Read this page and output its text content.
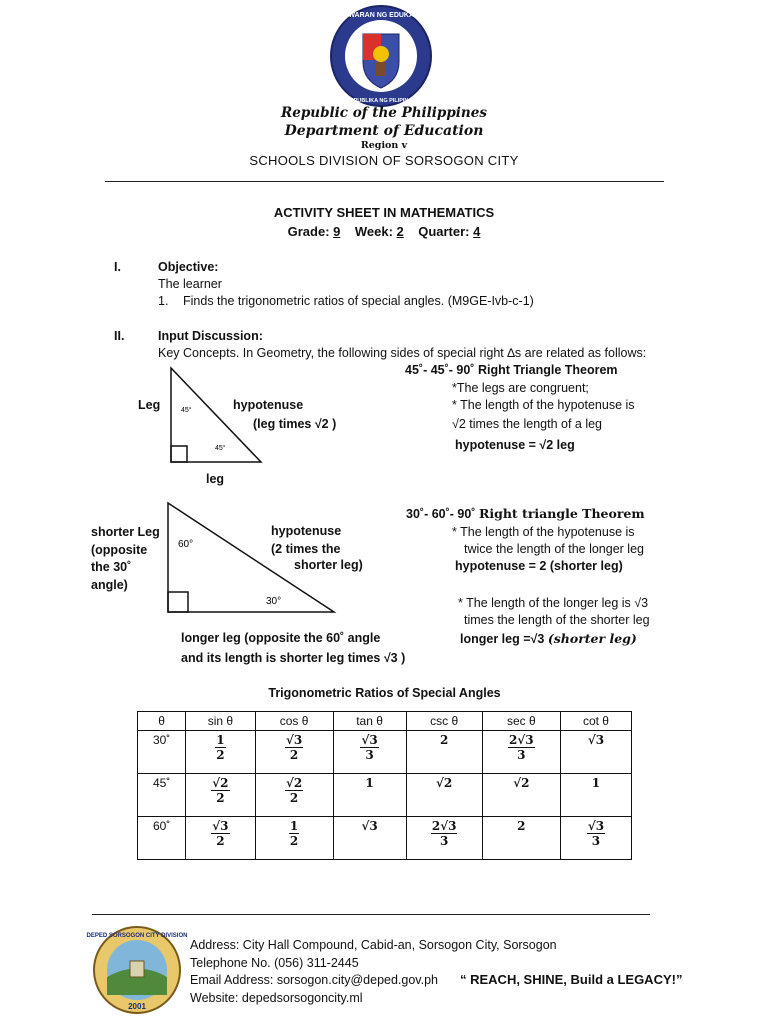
KAGAWARAN NG EDUKASYON
REPUBLIKA NG PILIPINAS
Republic of the Philippines
Department of Education
Region v
SCHOOLS DIVISION OF SORSOGON CITY
ACTIVITY SHEET IN MATHEMATICS
Grade: 9 Week: 2 Quarter: 4
I.	Objective:
The learner
1. Finds the trigonometric ratios of special angles. (M9GE-Ivb-c-1)
II.	Input Discussion:
Key Concepts. In Geometry, the following sides of special right ∆s are related as follows:
45°
45°
Leg
leg
hypotenuse
(leg times √2 )
45˚- 45˚- 90˚ Right Triangle Theorem
*The legs are congruent;
* The length of the hypotenuse is
√2 times the length of a leg
hypotenuse = √2 leg
60°
30°
shorter Leg
(opposite
the 30˚
angle)
hypotenuse
(2 times the
shorter leg)
longer leg (opposite the 60˚ angle
and its length is shorter leg times √3 )
30˚- 60˚- 90˚ Right triangle Theorem
* The length of the hypotenuse is
twice the length of the longer leg
hypotenuse = 2 (shorter leg)
* The length of the longer leg is √3
times the length of the shorter leg
longer leg =√3 (shorter leg)
Trigonometric Ratios of Special Angles
θ	sin θ	cos θ	tan θ	csc θ	sec θ	cot θ
30˚	$\frac{1}{2}$	$\frac{√3}{2}$	$\frac{√3}{3}$	2	$\frac{2√3}{3}$	√3
45˚	$\frac{√2}{2}$	$\frac{√2}{2}$	1	√2	√2	1
60˚	$\frac{√3}{2}$	$\frac{1}{2}$	√3	$\frac{2√3}{3}$	2	$\frac{√3}{3}$
DEPED SORSOGON CITY DIVISION
2001
Address: City Hall Compound, Cabid-an, Sorsogon City, Sorsogon
Telephone No. (056) 311-2445
Email Address: sorsogon.city@deped.gov.ph
Website: depedsorsogoncity.ml
“ REACH, SHINE, Build a LEGACY!”
